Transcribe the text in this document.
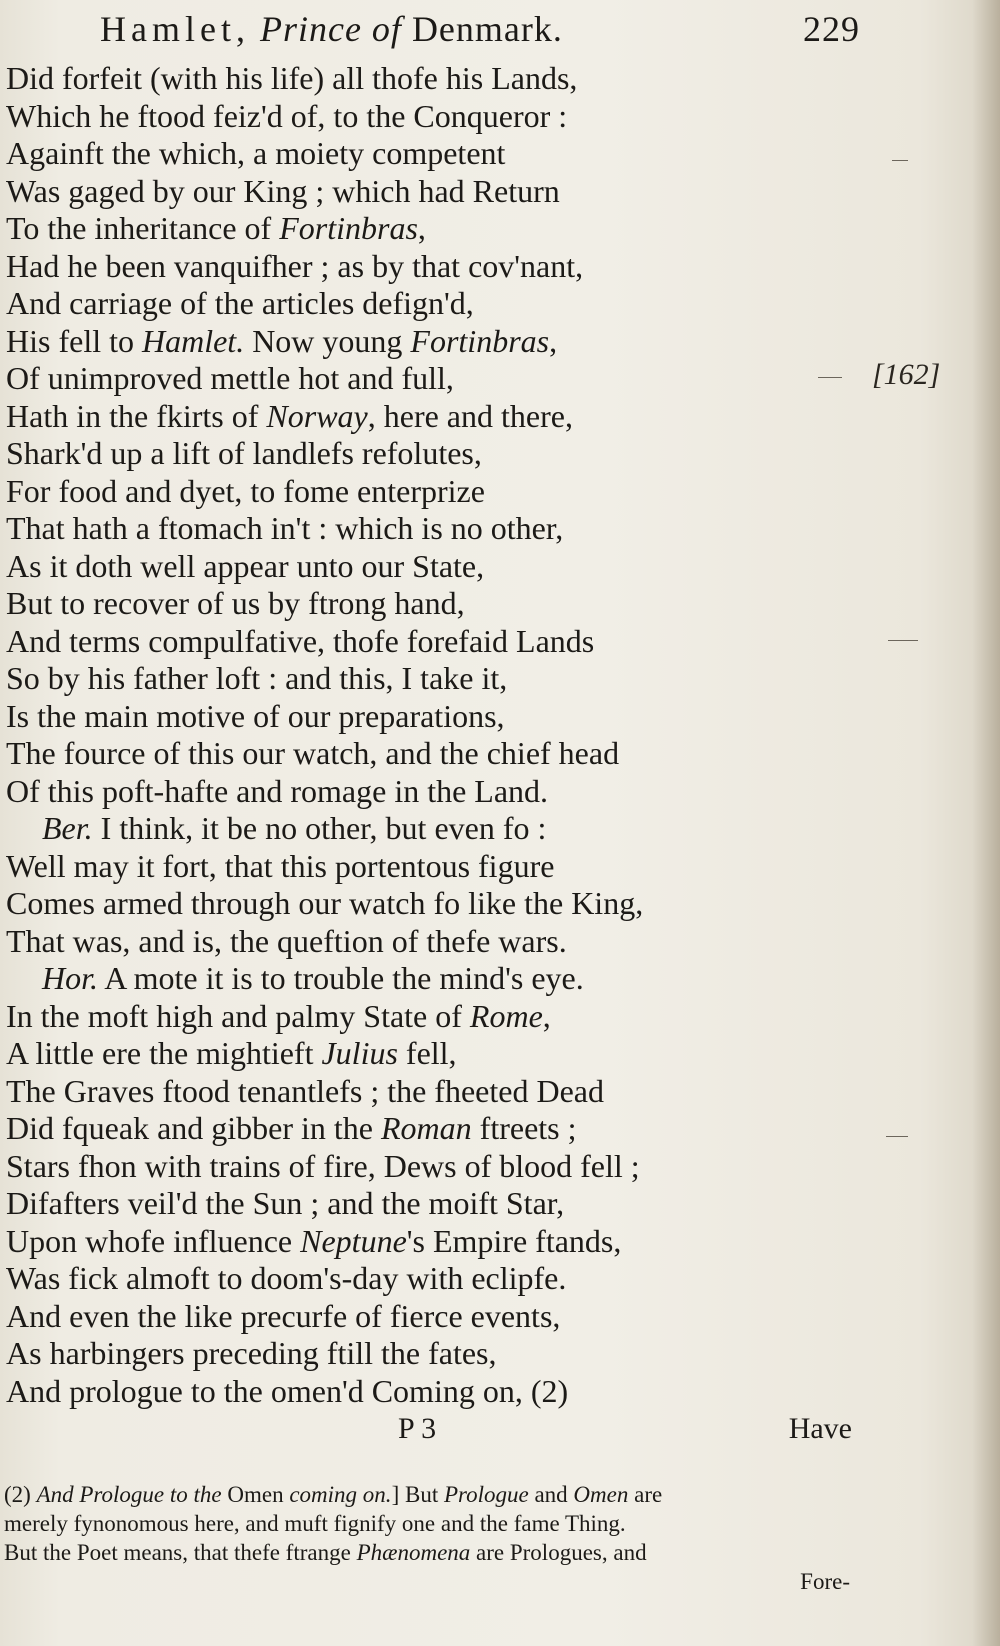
Hamlet, Prince of Denmark.	229
Did forfeit (with his life) all thofe his Lands,
Which he ftood feiz'd of, to the Conqueror :
Againft the which, a moiety competent
Was gaged by our King ; which had Return
To the inheritance of Fortinbras,
Had he been vanquifher ; as by that cov'nant,
And carriage of the articles defign'd,
His fell to Hamlet. Now young Fortinbras,
Of unimproved mettle hot and full,
Hath in the fkirts of Norway, here and there,
Shark'd up a lift of landlefs refolutes,
For food and dyet, to fome enterprize
That hath a ftomach in't : which is no other,
As it doth well appear unto our State,
But to recover of us by ftrong hand,
And terms compulfative, thofe forefaid Lands
So by his father loft : and this, I take it,
Is the main motive of our preparations,
The fource of this our watch, and the chief head
Of this poft-hafte and romage in the Land.
Ber. I think, it be no other, but even fo :
Well may it fort, that this portentous figure
Comes armed through our watch fo like the King,
That was, and is, the queftion of thefe wars.
Hor. A mote it is to trouble the mind's eye.
In the moft high and palmy State of Rome,
A little ere the mightieft Julius fell,
The Graves ftood tenantlefs ; the fheeted Dead
Did fqueak and gibber in the Roman ftreets ;
Stars fhon with trains of fire, Dews of blood fell ;
Difafters veil'd the Sun ; and the moift Star,
Upon whofe influence Neptune's Empire ftands,
Was fick almoft to doom's-day with eclipfe.
And even the like precurfe of fierce events,
As harbingers preceding ftill the fates,
And prologue to the omen'd Coming on, (2)
[162]
P 3	Have
(2) And Prologue to the Omen coming on.] But Prologue and Omen are
merely fynonomous here, and muft fignify one and the fame Thing.
But the Poet means, that thefe ftrange Phænomena are Prologues, and
Fore-
